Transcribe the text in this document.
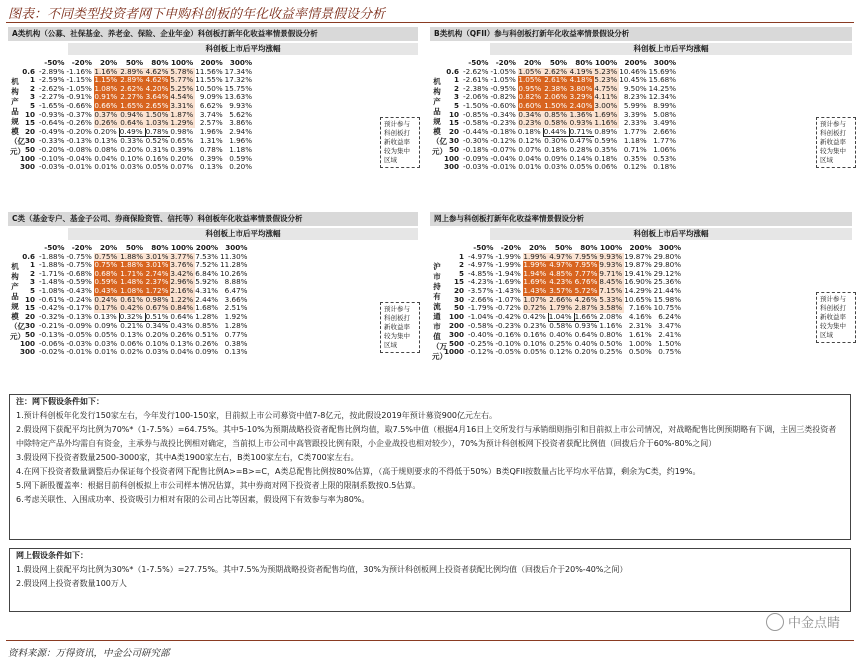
图表：不同类型投资者网下申购科创板的年化收益率情景假设分析
A类机构（公募、社保基金、养老金、保险、企业年金）科创板打新年化收益率情景假设分析
科创板上市后平均涨幅
机构产品规模（亿元）
	-50%	-20%	20%	50%	80%	100%	200%	300%
0.6	-2.89%	-1.16%	1.16%	2.89%	4.62%	5.78%	11.56%	17.34%
1	-2.59%	-1.15%	1.15%	2.89%	4.62%	5.77%	11.55%	17.32%
2	-2.62%	-1.05%	1.08%	2.62%	4.20%	5.25%	10.50%	15.75%
3	-2.27%	-0.91%	0.91%	2.27%	3.64%	4.54%	9.09%	13.63%
5	-1.65%	-0.66%	0.66%	1.65%	2.65%	3.31%	6.62%	9.93%
10	-0.93%	-0.37%	0.37%	0.94%	1.50%	1.87%	3.74%	5.62%
15	-0.64%	-0.26%	0.26%	0.64%	1.03%	1.29%	2.57%	3.86%
20	-0.49%	-0.20%	0.20%	0.49%	0.78%	0.98%	1.96%	2.94%
30	-0.33%	-0.13%	0.13%	0.33%	0.52%	0.65%	1.31%	1.96%
50	-0.20%	-0.08%	0.08%	0.20%	0.31%	0.39%	0.78%	1.18%
100	-0.10%	-0.04%	0.04%	0.10%	0.16%	0.20%	0.39%	0.59%
300	-0.03%	-0.01%	0.01%	0.03%	0.05%	0.07%	0.13%	0.20%
预计参与科创板打新收益率较为集中区域
B类机构（QFII）参与科创板打新年化收益率情景假设分析
科创板上市后平均涨幅
机构产品规模（亿元）
	-50%	-20%	20%	50%	80%	100%	200%	300%
0.6	-2.62%	-1.05%	1.05%	2.62%	4.19%	5.23%	10.46%	15.69%
1	-2.61%	-1.05%	1.05%	2.61%	4.18%	5.23%	10.45%	15.68%
2	-2.38%	-0.95%	0.95%	2.38%	3.80%	4.75%	9.50%	14.25%
3	-2.06%	-0.82%	0.82%	2.06%	3.29%	4.11%	8.23%	12.34%
5	-1.50%	-0.60%	0.60%	1.50%	2.40%	3.00%	5.99%	8.99%
10	-0.85%	-0.34%	0.34%	0.85%	1.36%	1.69%	3.39%	5.08%
15	-0.58%	-0.23%	0.23%	0.58%	0.93%	1.16%	2.33%	3.49%
20	-0.44%	-0.18%	0.18%	0.44%	0.71%	0.89%	1.77%	2.66%
30	-0.30%	-0.12%	0.12%	0.30%	0.47%	0.59%	1.18%	1.77%
50	-0.18%	-0.07%	0.07%	0.18%	0.28%	0.35%	0.71%	1.06%
100	-0.09%	-0.04%	0.04%	0.09%	0.14%	0.18%	0.35%	0.53%
300	-0.03%	-0.01%	0.01%	0.03%	0.05%	0.06%	0.12%	0.18%
预计参与科创板打新收益率较为集中区域
C类（基金专户、基金子公司、券商保险资管、信托等）科创板年化收益率情景假设分析
科创板上市后平均涨幅
机构产品规模（亿元）
	-50%	-20%	20%	50%	80%	100%	200%	300%
0.6	-1.88%	-0.75%	0.75%	1.88%	3.01%	3.77%	7.53%	11.30%
1	-1.88%	-0.75%	0.75%	1.88%	3.01%	3.76%	7.52%	11.28%
2	-1.71%	-0.68%	0.68%	1.71%	2.74%	3.42%	6.84%	10.26%
3	-1.48%	-0.59%	0.59%	1.48%	2.37%	2.96%	5.92%	8.88%
5	-1.08%	-0.43%	0.43%	1.08%	1.72%	2.16%	4.31%	6.47%
10	-0.61%	-0.24%	0.24%	0.61%	0.98%	1.22%	2.44%	3.66%
15	-0.42%	-0.17%	0.17%	0.42%	0.67%	0.84%	1.68%	2.51%
20	-0.32%	-0.13%	0.13%	0.32%	0.51%	0.64%	1.28%	1.92%
30	-0.21%	-0.09%	0.09%	0.21%	0.34%	0.43%	0.85%	1.28%
50	-0.13%	-0.05%	0.05%	0.13%	0.20%	0.26%	0.51%	0.77%
100	-0.06%	-0.03%	0.03%	0.06%	0.10%	0.13%	0.26%	0.38%
300	-0.02%	-0.01%	0.01%	0.02%	0.03%	0.04%	0.09%	0.13%
预计参与科创板打新收益率较为集中区域
网上参与科创板打新年化收益率情景假设分析
科创板上市后平均涨幅
沪市持有流通市值（万元）
	-50%	-20%	20%	50%	80%	100%	200%	300%
1	-4.97%	-1.99%	1.99%	4.97%	7.95%	9.93%	19.87%	29.80%
2	-4.97%	-1.99%	1.99%	4.97%	7.95%	9.93%	19.87%	29.80%
5	-4.85%	-1.94%	1.94%	4.85%	7.77%	9.71%	19.41%	29.12%
15	-4.23%	-1.69%	1.69%	4.23%	6.76%	8.45%	16.90%	25.36%
20	-3.57%	-1.43%	1.43%	3.57%	5.72%	7.15%	14.29%	21.44%
30	-2.66%	-1.07%	1.07%	2.66%	4.26%	5.33%	10.65%	15.98%
50	-1.79%	-0.72%	0.72%	1.79%	2.87%	3.58%	7.16%	10.75%
100	-1.04%	-0.42%	0.42%	1.04%	1.66%	2.08%	4.16%	6.24%
200	-0.58%	-0.23%	0.23%	0.58%	0.93%	1.16%	2.31%	3.47%
300	-0.40%	-0.16%	0.16%	0.40%	0.64%	0.80%	1.61%	2.41%
500	-0.25%	-0.10%	0.10%	0.25%	0.40%	0.50%	1.00%	1.50%
1000	-0.12%	-0.05%	0.05%	0.12%	0.20%	0.25%	0.50%	0.75%
预计参与科创板打新收益率较为集中区域
注：网下假设条件如下：
1.预计科创板年化发行150家左右，今年发行100-150家，目前拟上市公司募资中值7-8亿元，按此假设2019年预计募资900亿元左右。
2.假设网下获配平均比例为70%*（1-7.5%）=64.75%。其中5-10%为预期战略投资者配售比例均值，取7.5%中值（根据4月16日上交所发行与承销细则指引和目前拟上市公司情况，对战略配售比例预期略有下调，主因三类投资者中除特定产品外均需自有资金，主承券与战投比例相对确定，当前拟上市公司中高管跟投比例有限，小企业战投也相对较少），70%为预计科创板网下投资者获配比例值（回拨后介于60%-80%之间）
3.假设网下投资者数量2500-3000家，其中A类1900家左右，B类100家左右，C类700家左右。
4.在网下投资者数量调整后办保证每个投资者网下配售比例A>=B>=C，A类总配售比例按80%估算，（高于规则要求的不得低于50%）B类QFII按数量占比平均水平估算，剩余为C类，约19%。
5.网下新股覆盖率：根据目前科创板拟上市公司样本情况估算，其中券商对网下投资者上限的限制系数按0.5估算。
6.考虑关联性、入围成功率、投资吸引力相对有限的公司占比等因素，假设网下有效参与率为80%。
网上假设条件如下：
1.假设网上获配平均比例为30%*（1-7.5%）=27.75%。其中7.5%为预期战略投资者配售均值，30%为预计科创板网上投资者获配比例均值（回拨后介于20%-40%之间）
2.假设网上投资者数量100万人
中金点睛
资料来源：万得资讯，中金公司研究部
